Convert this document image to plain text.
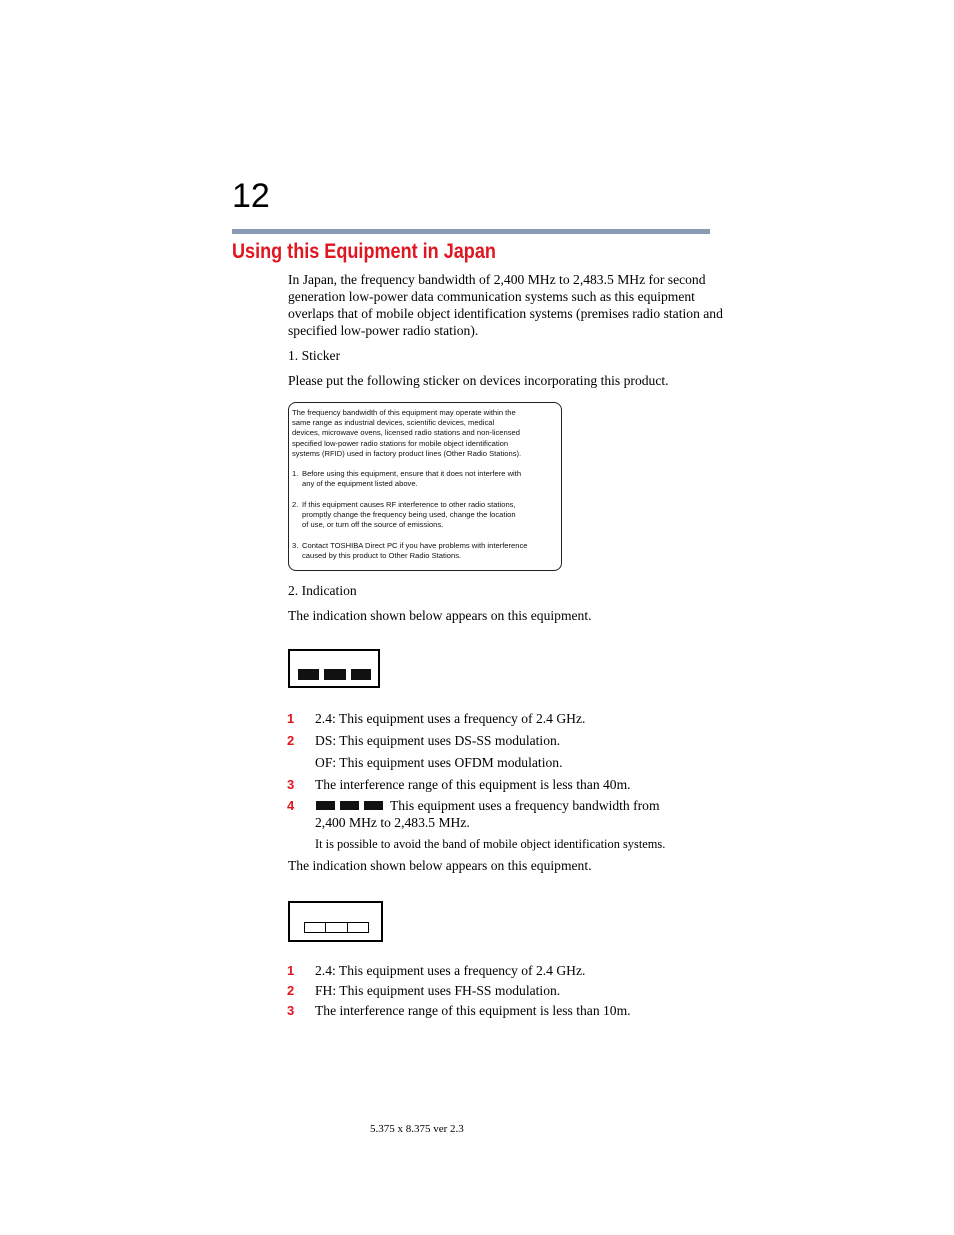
12
Using this Equipment in Japan
In Japan, the frequency bandwidth of 2,400 MHz to 2,483.5 MHz for second
generation low-power data communication systems such as this equipment
overlaps that of mobile object identification systems (premises radio station and
specified low-power radio station).
1. Sticker
Please put the following sticker on devices incorporating this product.
The frequency bandwidth of this equipment may operate within the
same range as industrial devices, scientific devices, medical
devices, microwave ovens, licensed radio stations and non-licensed
specified low-power radio stations for mobile object identification
systems (RFID) used in factory product lines (Other Radio Stations).
1. Before using this equipment, ensure that it does not interfere with
any of the equipment listed above.
2. If this equipment causes RF interference to other radio stations,
promptly change the frequency being used, change the location
of use, or turn off the source of emissions.
3. Contact TOSHIBA Direct PC if you have problems with interference
caused by this product to Other Radio Stations.
2. Indication
The indication shown below appears on this equipment.
1 2.4: This equipment uses a frequency of 2.4 GHz.
2 DS: This equipment uses DS-SS modulation.
OF: This equipment uses OFDM modulation.
3 The interference range of this equipment is less than 40m.
4	This equipment uses a frequency bandwidth from
2,400 MHz to 2,483.5 MHz.
It is possible to avoid the band of mobile object identification systems.
The indication shown below appears on this equipment.
1 2.4: This equipment uses a frequency of 2.4 GHz.
2 FH: This equipment uses FH-SS modulation.
3 The interference range of this equipment is less than 10m.
5.375 x 8.375 ver 2.3
